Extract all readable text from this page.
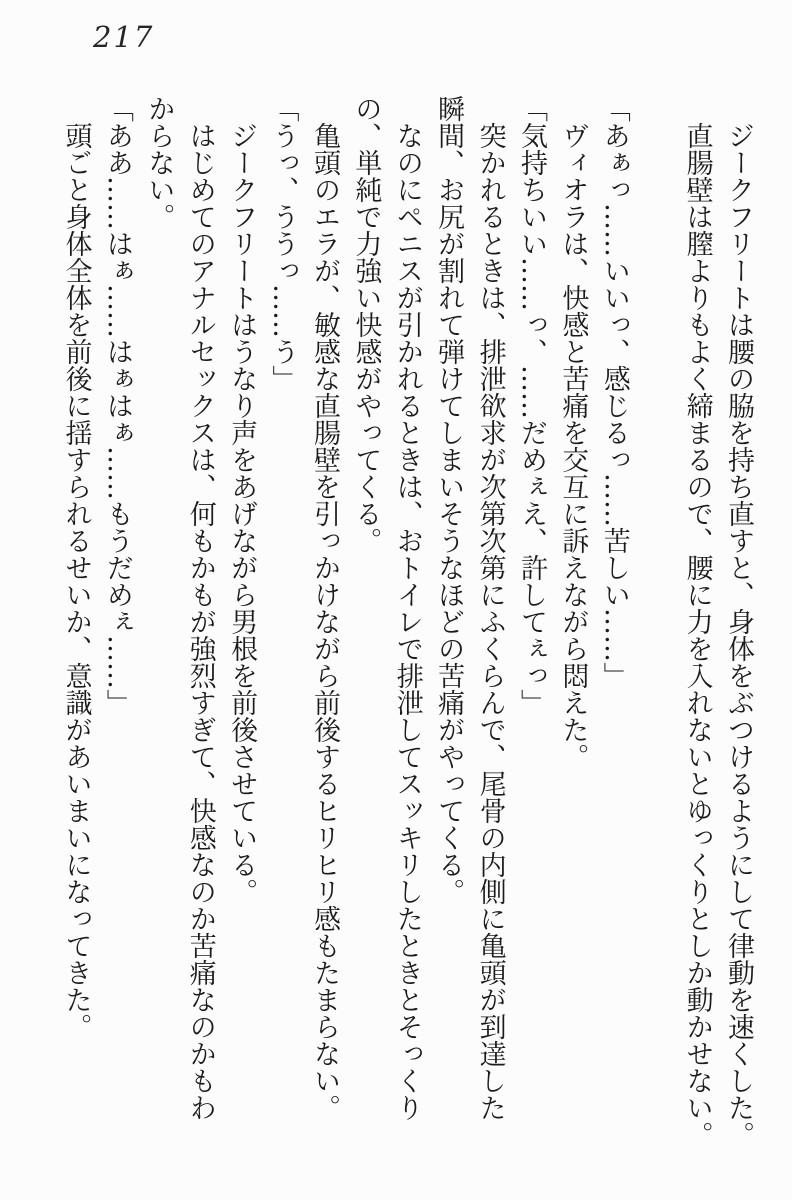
217

ジークフリートは腰の脇を持ち直すと、身体をぶつけるようにして律動を速くした。

直腸壁は膣よりもよく締まるので、腰に力を入れないとゆっくりとしか動かせない。

「あぁっ……いいっ、感じるっ……苦しい……」

ヴィオラは、快感と苦痛を交互に訴えながら悶えた。

「気持ちいい……っ、……だめぇえ、許してぇっ」

突かれるときは、排泄欲求が次第次第にふくらんで、尾骨の内側に亀頭が到達した

瞬間、お尻が割れて弾けてしまいそうなほどの苦痛がやってくる。

なのにペニスが引かれるときは、おトイレで排泄してスッキリしたときとそっくり

の、単純で力強い快感がやってくる。

亀頭のエラが、敏感な直腸壁を引っかけながら前後するヒリヒリ感もたまらない。

「うっ、ううっ……う」

ジークフリートはうなり声をあげながら男根を前後させている。

はじめてのアナルセックスは、何もかもが強烈すぎて、快感なのか苦痛なのかもわ

からない。

「ああ……はぁ……はぁはぁ……もうだめぇ……」

頭ごと身体全体を前後に揺すられるせいか、意識があいまいになってきた。
